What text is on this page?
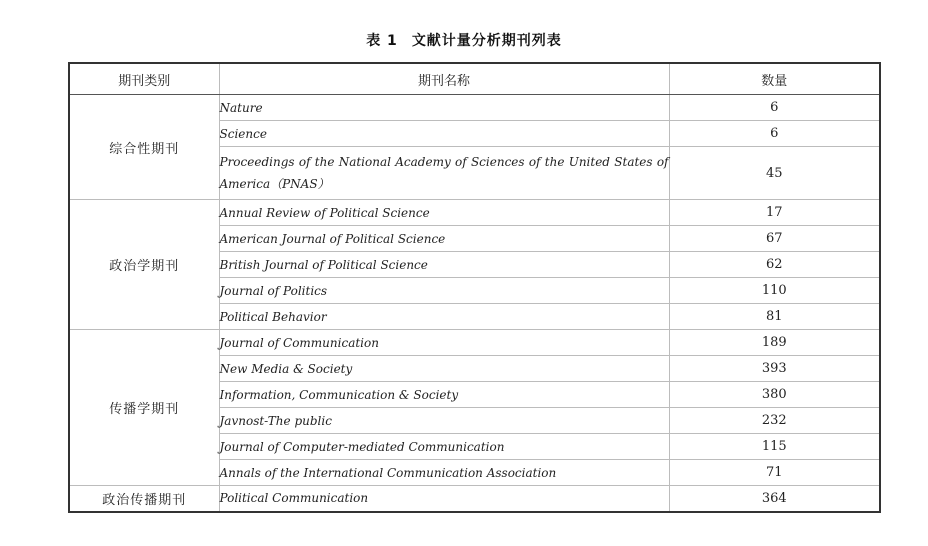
表 1 文献计量分析期刊列表
期刊类别	期刊名称	数量
综合性期刊	Nature	6
	Science	6
	Proceedings of the National Academy of Sciences of the United States of America（PNAS）	45

政治学期刊	Annual Review of Political Science	17
	American Journal of Political Science	67
	British Journal of Political Science	62
	Journal of Politics	110
	Political Behavior	81
传播学期刊	Journal of Communication	189
	New Media & Society	393
	Information, Communication & Society	380
	Javnost-The public	232
	Journal of Computer-mediated Communication	115
	Annals of the International Communication Association	71
政治传播期刊	Political Communication	364
